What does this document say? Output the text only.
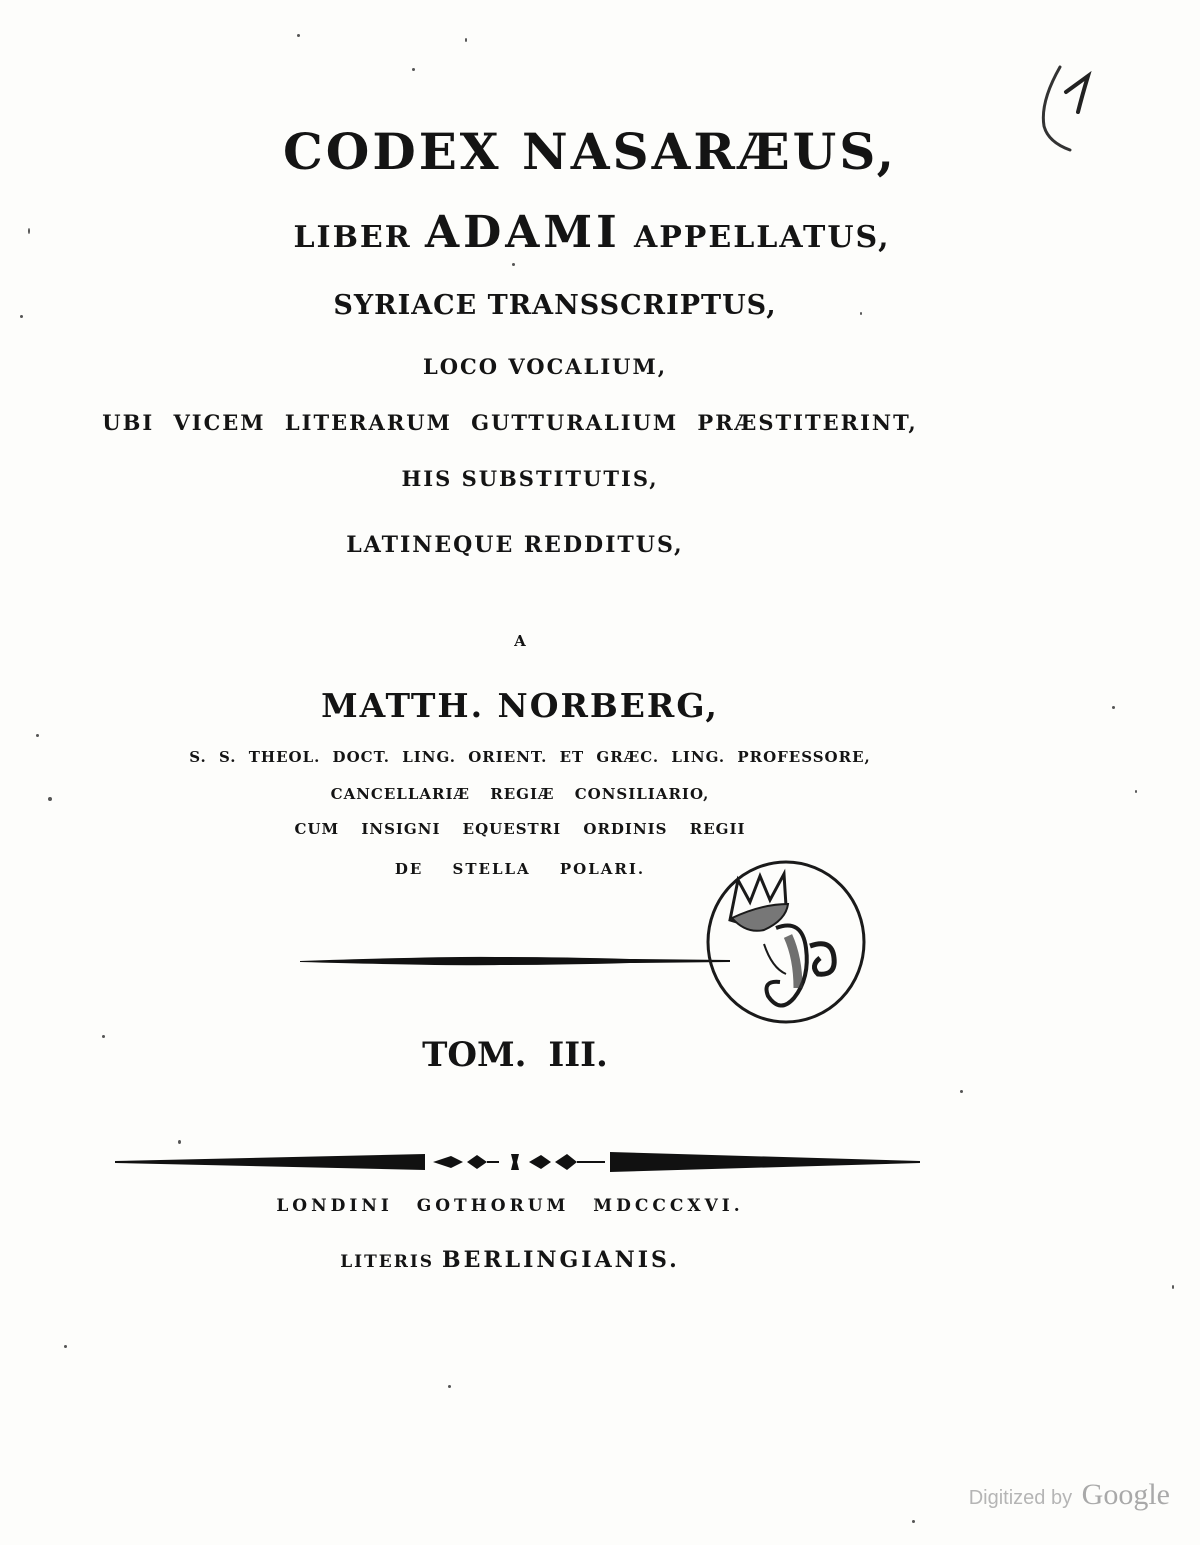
CODEX NASARÆUS,
LIBER ADAMI APPELLATUS,
SYRIACE TRANSSCRIPTUS,
LOCO VOCALIUM,
UBI VICEM LITERARUM GUTTURALIUM PRÆSTITERINT,
HIS SUBSTITUTIS,
LATINEQUE REDDITUS,
A
MATTH. NORBERG,
S. S. THEOL. DOCT. LING. ORIENT. ET GRÆC. LING. PROFESSORE,
CANCELLARIÆ REGIÆ CONSILIARIO,
CUM INSIGNI EQUESTRI ORDINIS REGII
DE STELLA POLARI.
TOM. III.
LONDINI GOTHORUM MDCCCXVI.
LITERIS BERLINGIANIS.
Digitized by Google
